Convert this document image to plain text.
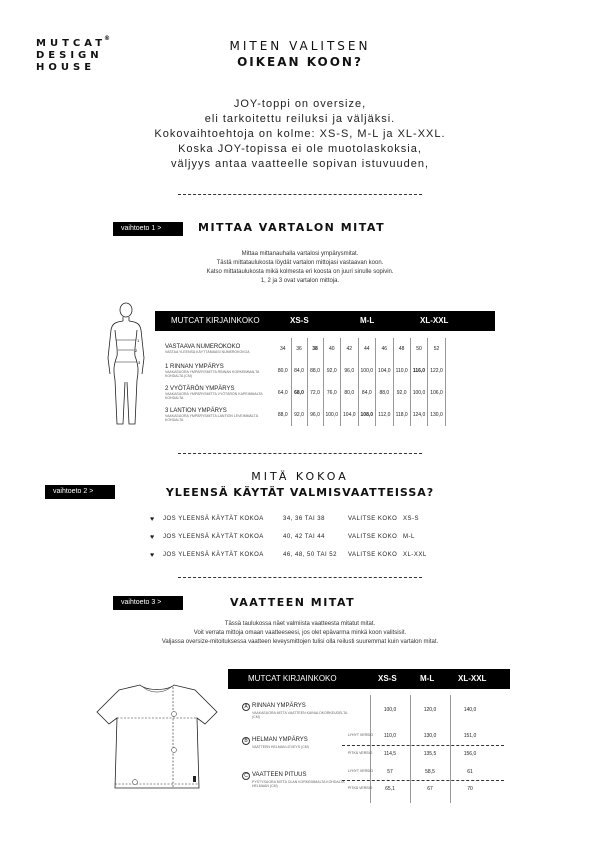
MUTCAT
®
DESIGN
HOUSE
MITEN VALITSEN
OIKEAN KOON?
JOY-toppi on oversize,
eli tarkoitettu reiluksi ja väljäksi.
Kokovaihtoehtoja on kolme: XS-S, M-L ja XL-XXL.
Koska JOY-topissa ei ole muotolaskoksia,
väljyys antaa vaatteelle sopivan istuvuuden,
vaihtoeto 1 >	MITTAA VARTALON MITAT
Mittaa mittanauhalla vartalosi ympärysmitat.
Tästä mittataulukosta löydät vartalon mittojasi vastaavan koon.
Katso mittataulukosta mikä kolmesta eri koosta on juuri sinulle sopivin.
1, 2 ja 3 ovat vartalon mittoja.
1
2
3
MUTCAT KIRJAINKOKO	XS-S	M-L	XL-XXL
VASTAAVA NUMEROKOKO
VASTAA YLEENSÄ KÄYTTÄMÄÄSI NUMEROKOKOA	34	36	38	40	42	44	46	48	50	52

1 RINNAN YMPÄRYS
VAAKASUORA YMPÄRYSMITTA RINNAN KORKEIMMALTA KOHDALTA (CM)	80,0	84,0	88,0	92,0	96,0	100,0	104,0	110,0	116,0	122,0

2 VYÖTÄRÖN YMPÄRYS
VAAKASUORA YMPÄRYSMITTA VYÖTÄRÖN KAPEIMMALTA KOHDALTA	64,0	68,0	72,0	76,0	80,0	84,0	88,0	92,0	100,0	106,0

3 LANTION YMPÄRYS
VAAKASUORA YMPÄRYSMITTA LANTION LEVEIMMÄLTÄ KOHDALTA	88,0	92,0	96,0	100,0	104,0	108,0	112,0	118,0	124,0	130,0
vaihtoeto 2 >
MITÄ KOKOA
YLEENSÄ KÄYTÄT VALMISVAATTEISSA?
♥ JOS YLEENSÄ KÄYTÄT KOKOA	34, 36 TAI 38	VALITSE KOKO XS-S
♥ JOS YLEENSÄ KÄYTÄT KOKOA	40, 42 TAI 44	VALITSE KOKO M-L
♥ JOS YLEENSÄ KÄYTÄT KOKOA	46, 48, 50 TAI 52 VALITSE KOKO XL-XXL
vaihtoeto 3 >	VAATTEEN MITAT
Tässä taulukossa näet valmiista vaatteesta mitatut mitat.
Voit verrata mittoja omaan vaatteeseesi, jos olet epävarma minkä koon valitsisit.
Valjassa oversize-mitoituksessa vaatteen leveysmittojen tulisi olla reilusti suuremmat kuin vartalon mitat.
MUTCAT KIRJAINKOKO	XS-S	M-L	XL-XXL
A RINNAN YMPÄRYS
VAAKASUORA MITTA VAATTEEN KAINALOKORKEUDELTA (CM)
100,0	120,0	140,0
B HELMAN YMPÄRYS
VAATTEEN HELMAN LEVEYS (CM)
LYHYT VERSIO	110,0	130,0	151,0
PITKÄ VERSIO	114,5	135,5	156,0
C VAATTEEN PITUUS
PYSTYSUORA MITTA OLAN KORKEIMMALTA KOHDALTA HELMAAN (CM)
LYHYT VERSIO	57	58,5	61
PITKÄ VERSIO	65,1	67	70
